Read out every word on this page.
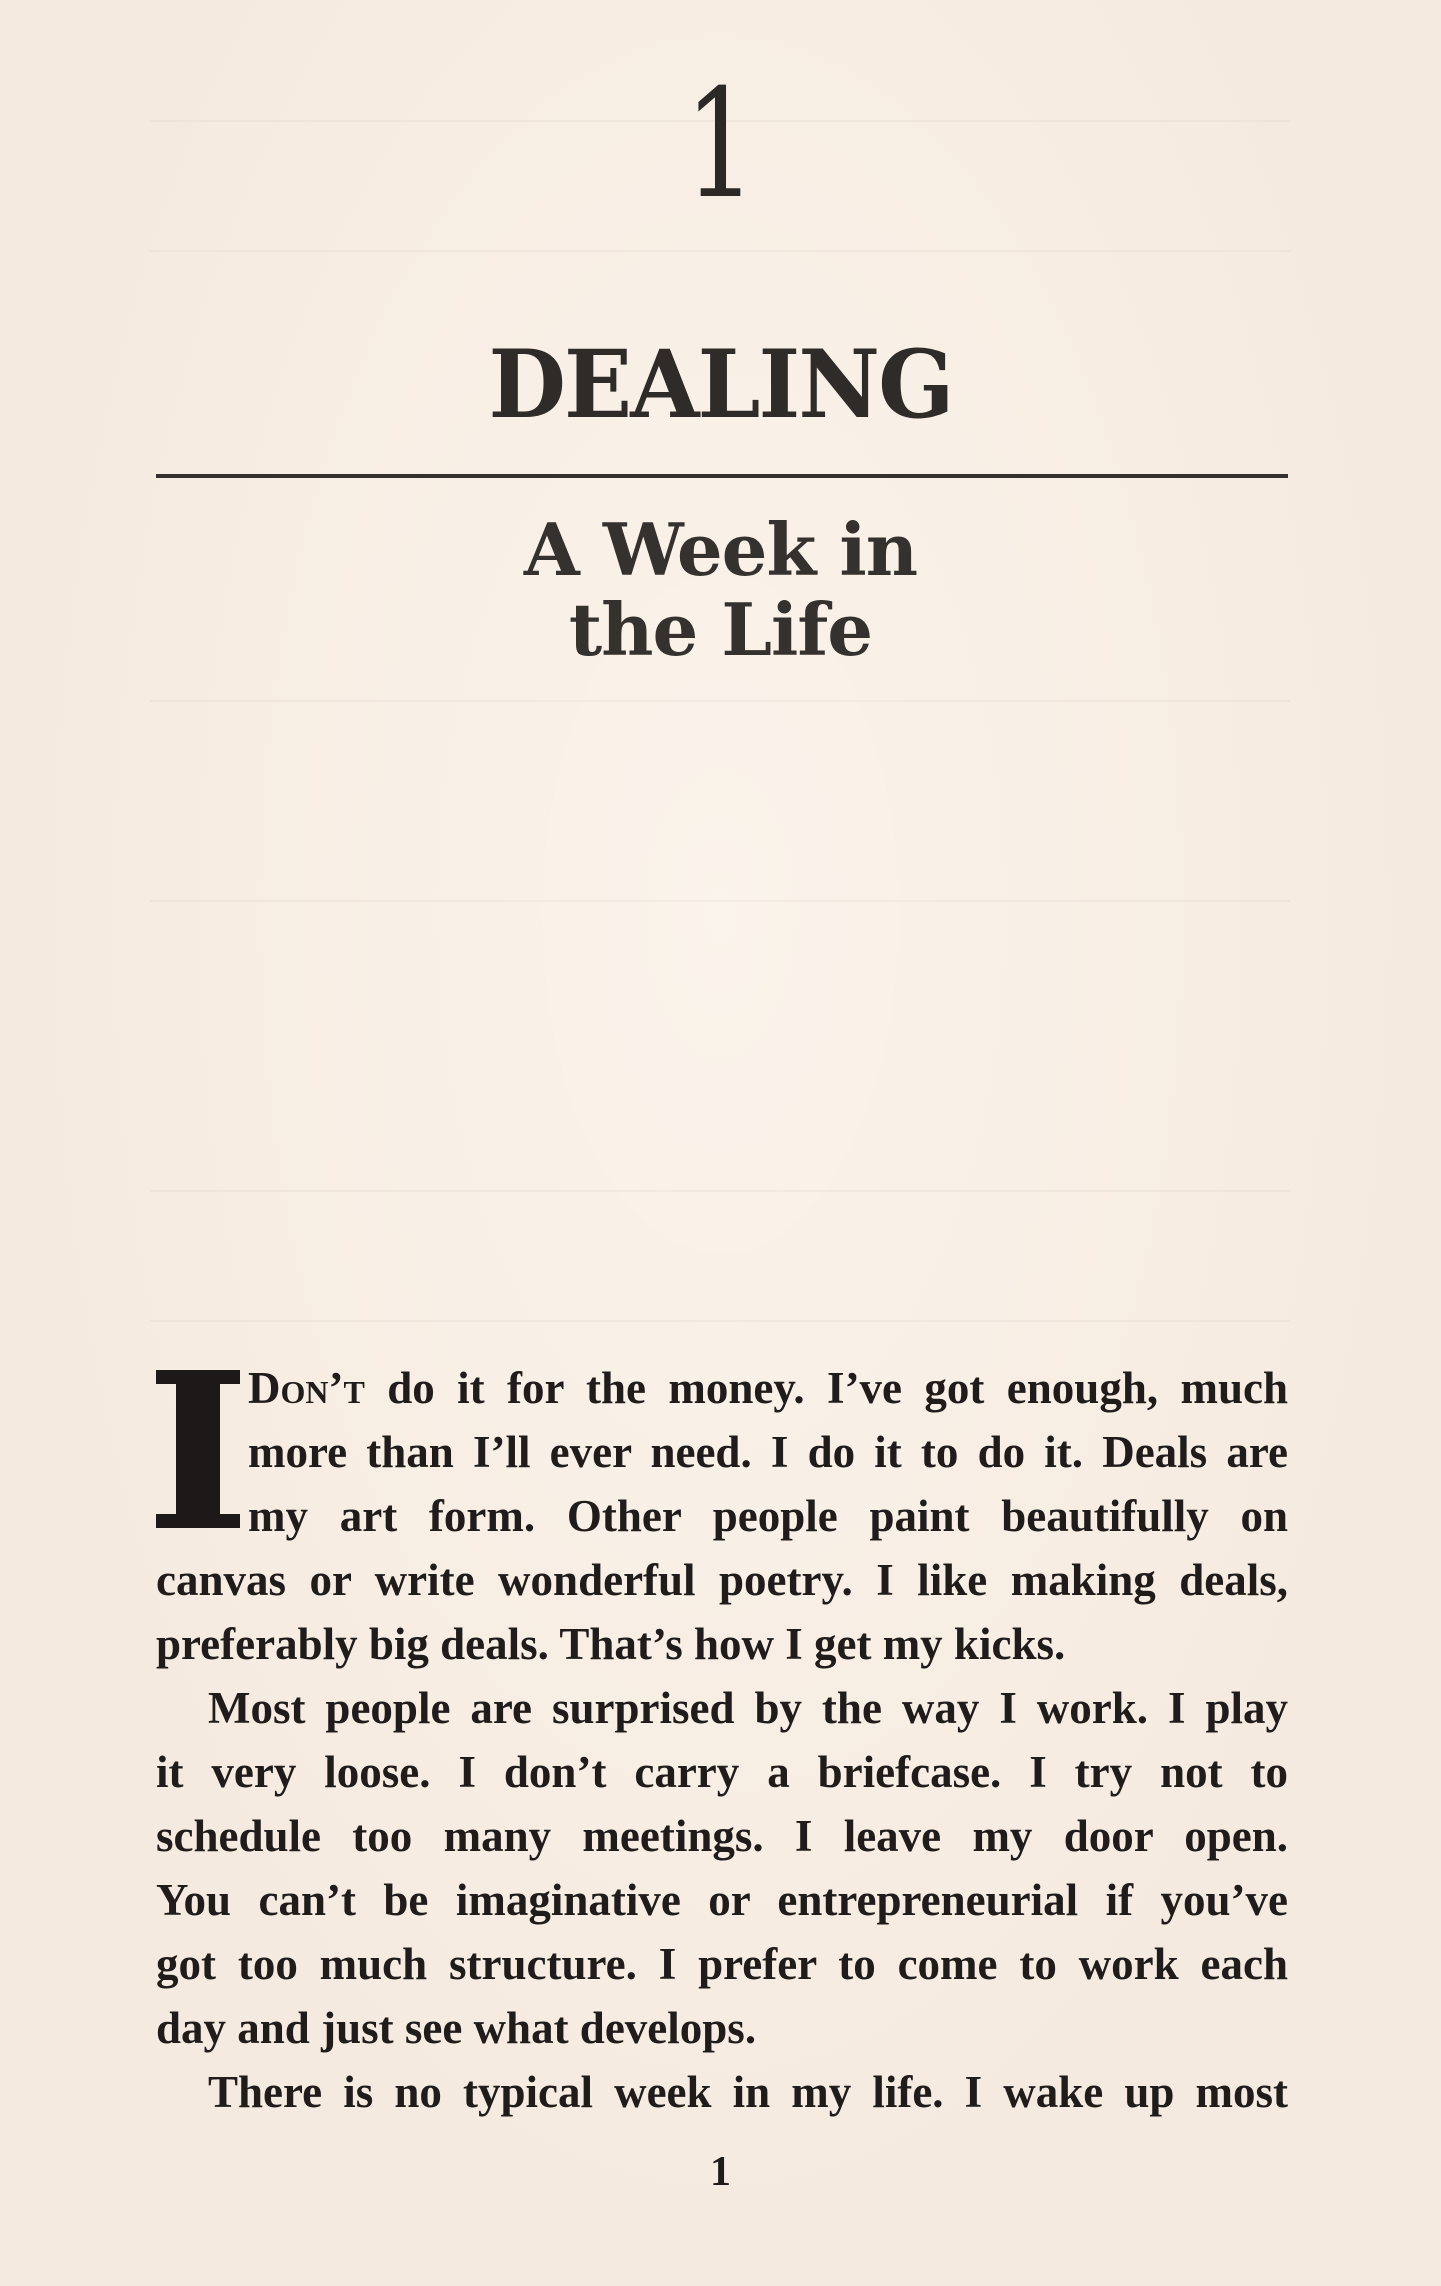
1
DEALING
A Week in
the Life
Don’t do it for the money. I’ve got enough, much
more than I’ll ever need. I do it to do it. Deals are
my art form. Other people paint beautifully on
canvas or write wonderful poetry. I like making deals,
preferably big deals. That’s how I get my kicks.
Most people are surprised by the way I work. I play
it very loose. I don’t carry a briefcase. I try not to
schedule too many meetings. I leave my door open.
You can’t be imaginative or entrepreneurial if you’ve
got too much structure. I prefer to come to work each
day and just see what develops.
There is no typical week in my life. I wake up most
1
